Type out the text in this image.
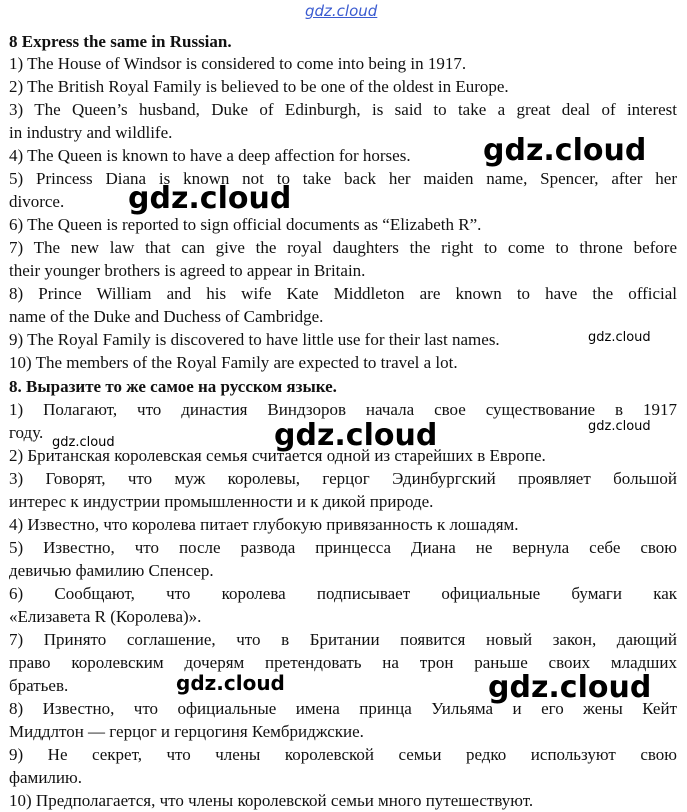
gdz.cloud
8 Express the same in Russian.
1) The House of Windsor is considered to come into being in 1917.
2) The British Royal Family is believed to be one of the oldest in Europe.
3) The Queen’s husband, Duke of Edinburgh, is said to take a great deal of interest
in industry and wildlife.
4) The Queen is known to have a deep affection for horses.
5) Princess Diana is known not to take back her maiden name, Spencer, after her
divorce.
6) The Queen is reported to sign official documents as “Elizabeth R”.
7) The new law that can give the royal daughters the right to come to throne before
their younger brothers is agreed to appear in Britain.
8) Prince William and his wife Kate Middleton are known to have the official
name of the Duke and Duchess of Cambridge.
9) The Royal Family is discovered to have little use for their last names.
10) The members of the Royal Family are expected to travel a lot.
8. Выразите то же самое на русском языке.
1) Полагают, что династия Виндзоров начала свое существование в 1917
году.
2) Британская королевская семья считается одной из старейших в Европе.
3) Говорят, что муж королевы, герцог Эдинбургский проявляет большой
интерес к индустрии промышленности и к дикой природе.
4) Известно, что королева питает глубокую привязанность к лошадям.
5) Известно, что после развода принцесса Диана не вернула себе свою
девичью фамилию Спенсер.
6) Сообщают, что королева подписывает официальные бумаги как
«Елизавета R (Королева)».
7) Принято соглашение, что в Британии появится новый закон, дающий
право королевским дочерям претендовать на трон раньше своих младших
братьев.
8) Известно, что официальные имена принца Уильяма и его жены Кейт
Миддлтон — герцог и герцогиня Кембриджские.
9) Не секрет, что члены королевской семьи редко используют свою
фамилию.
10) Предполагается, что члены королевской семьи много путешествуют.
gdz.cloud
gdz.cloud
gdz.cloud
gdz.cloud	gdz.cloud
gdz.cloud
gdz.cloud	gdz.cloud
